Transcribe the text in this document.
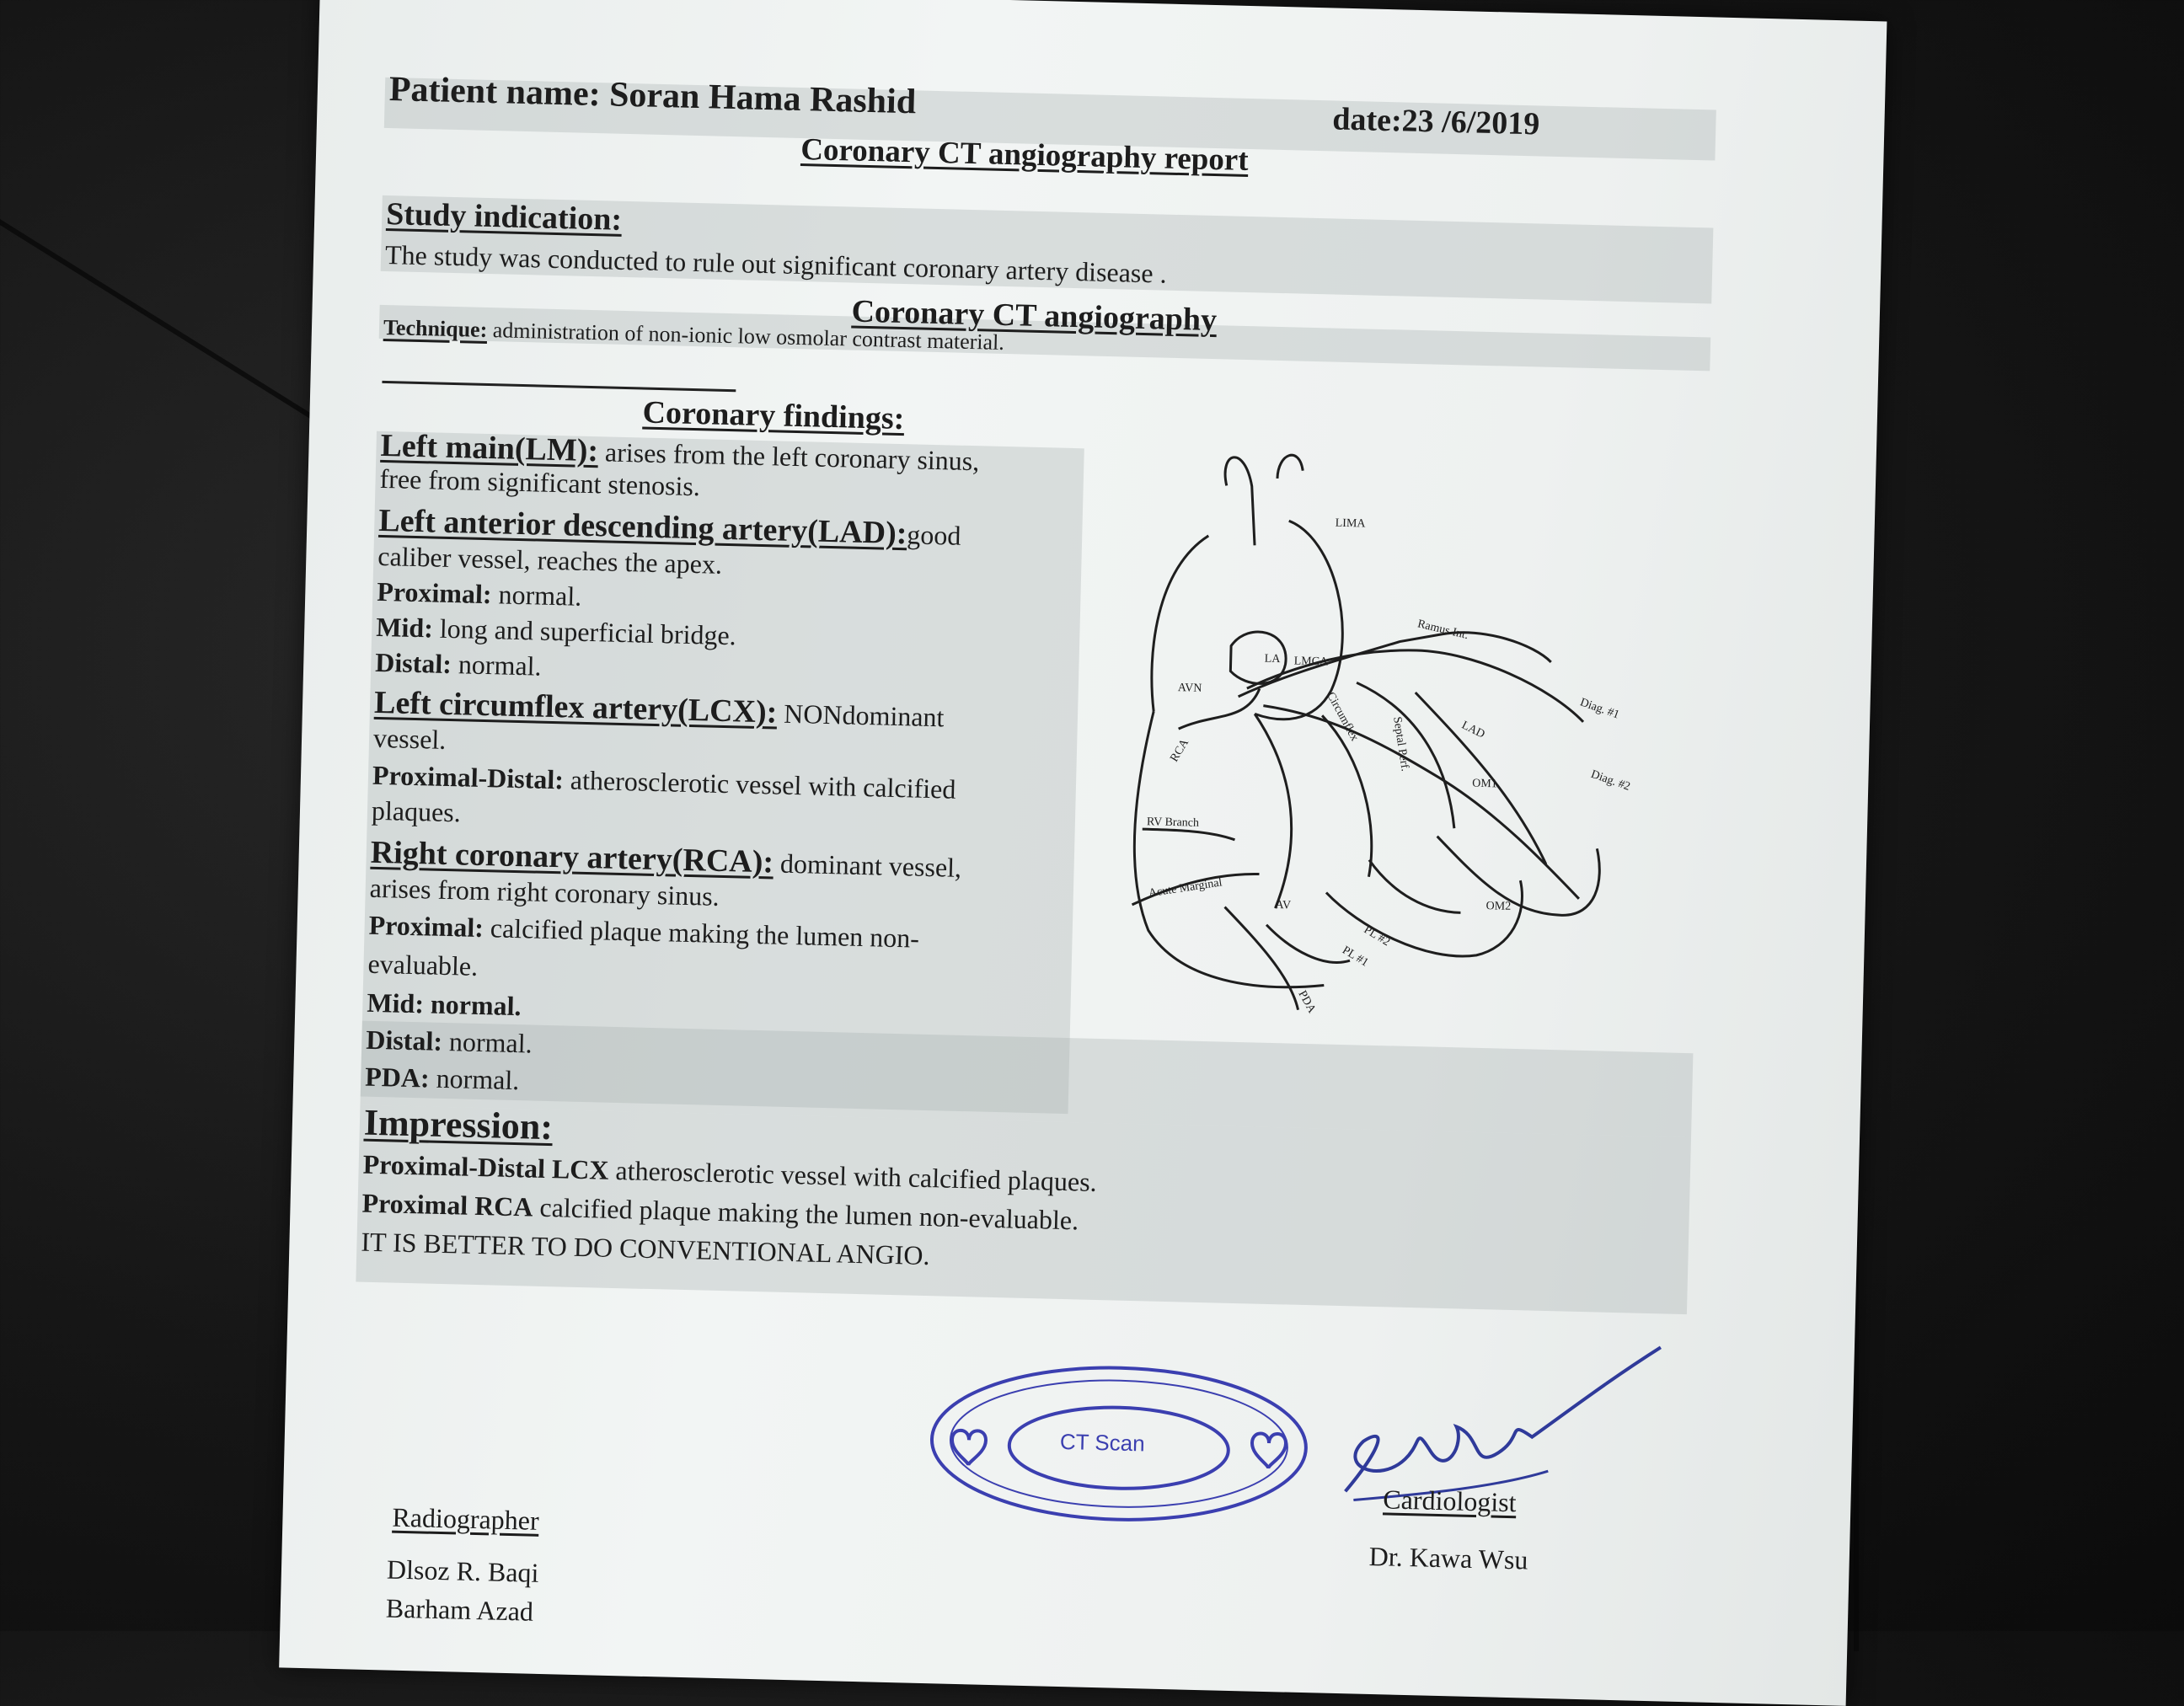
Patient name: Soran Hama Rashid
date:23 /6/2019
Coronary CT angiography report
Study indication:
The study was conducted to rule out significant coronary artery disease .
Coronary CT angiography
Technique: administration of non-ionic low osmolar contrast material.
Coronary findings:
Left main(LM): arises from the left coronary sinus,
free from significant stenosis.
Left anterior descending artery(LAD):good
caliber vessel, reaches the apex.
Proximal: normal.
Mid: long and superficial bridge.
Distal: normal.
Left circumflex artery(LCX): NONdominant
vessel.
Proximal-Distal: atherosclerotic vessel with calcified
plaques.
Right coronary artery(RCA): dominant vessel,
arises from right coronary sinus.
Proximal: calcified plaque making the lumen non-
evaluable.
Mid: normal.
Distal: normal.
PDA: normal.
LIMA
Ramus Int.
Diag. #1
Diag. #2
LA LMCA
AVN
RCA
Circumflex	Septal Perf.	LAD
OM1
OM2
RV Branch
Acute Marginal
AV
PDA
PL #1
PL #2
Impression:
Proximal-Distal LCX atherosclerotic vessel with calcified plaques.
Proximal RCA calcified plaque making the lumen non-evaluable.
IT IS BETTER TO DO CONVENTIONAL ANGIO.
CT Scan
Radiographer
Dlsoz R. Baqi
Barham Azad
Cardiologist
Dr. Kawa Wsu
